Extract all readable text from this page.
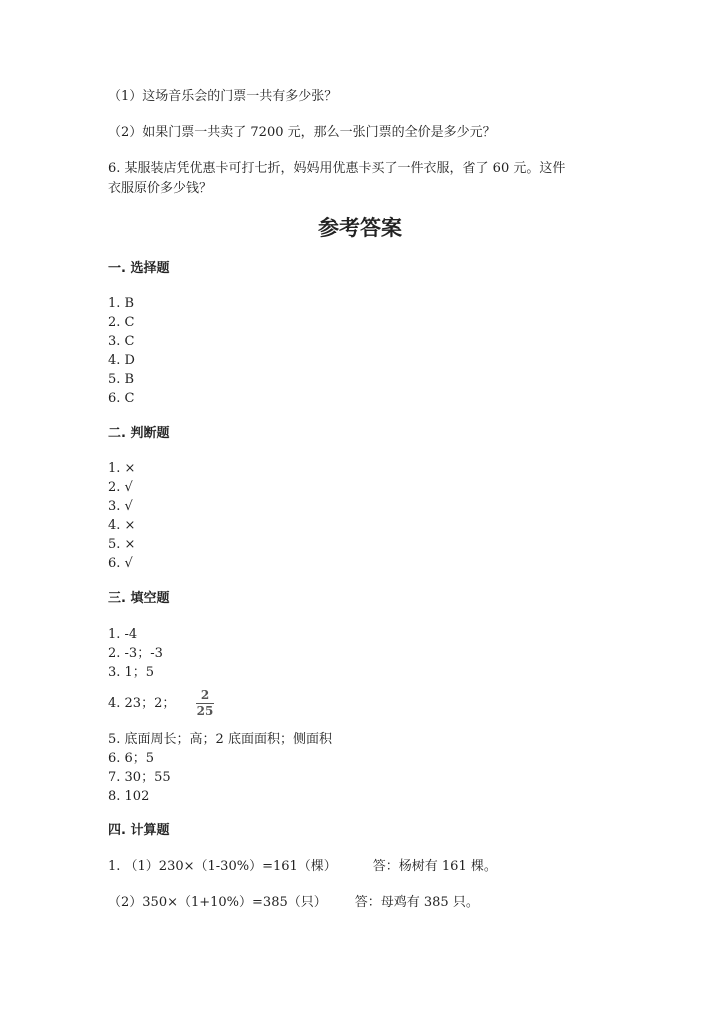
（1）这场音乐会的门票一共有多少张？
（2）如果门票一共卖了 7200 元，那么一张门票的全价是多少元？
6. 某服装店凭优惠卡可打七折，妈妈用优惠卡买了一件衣服，省了 60 元。这件
衣服原价多少钱？
参考答案
一. 选择题
1. B
2. C
3. C
4. D
5. B
6. C
二. 判断题
1. ×
2. √
3. √
4. ×
5. ×
6. √
三. 填空题
1. -4
2. -3；-3
3. 1；5
4. 23；2；
2
25
5. 底面周长；高；2 底面面积；侧面积
6. 6；5
7. 30；55
8. 102
四. 计算题
1. （1）230×（1-30%）=161（棵）	答：杨树有 161 棵。
（2）350×（1+10%）=385（只） 答：母鸡有 385 只。
